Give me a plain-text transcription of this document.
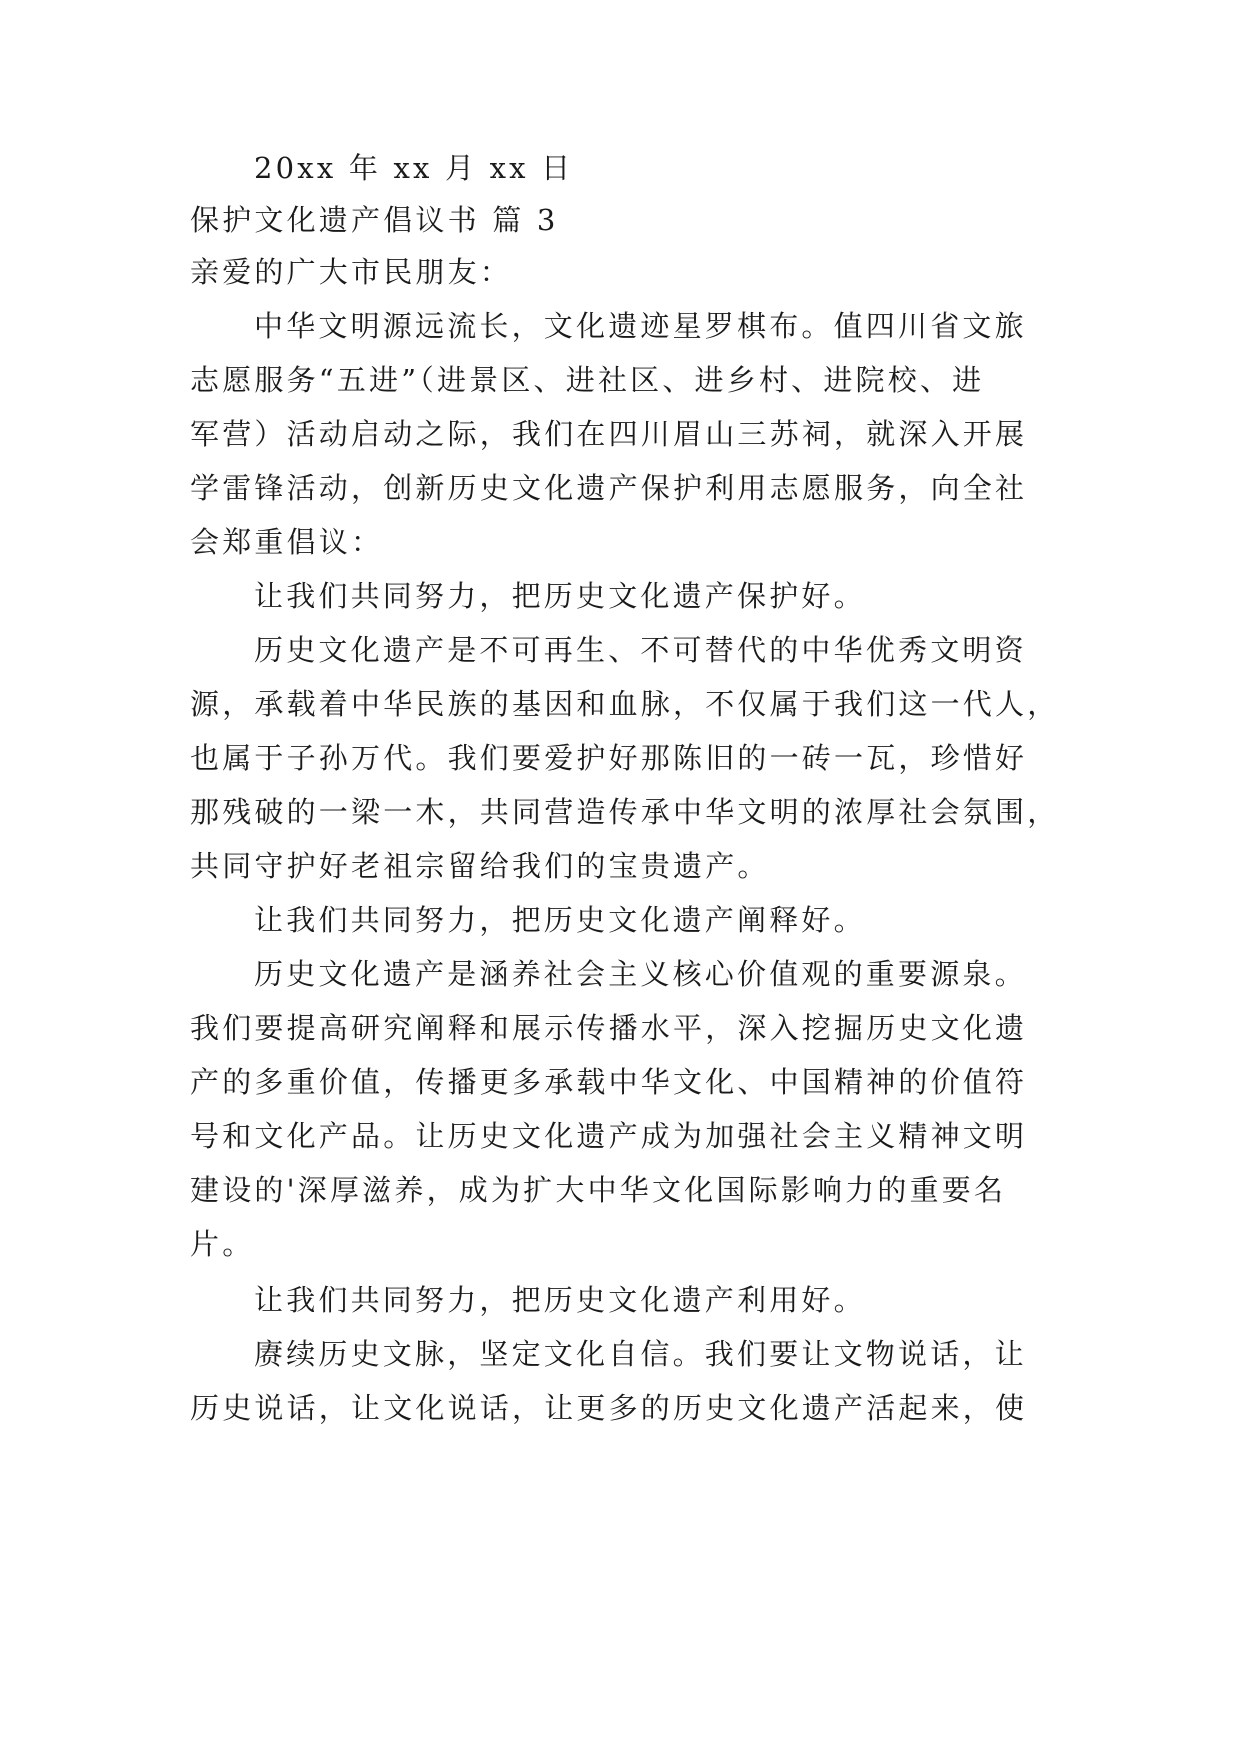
20xx 年 xx 月 xx 日
保护文化遗产倡议书 篇 3
亲爱的广大市民朋友：
中华文明源远流长，文化遗迹星罗棋布。值四川省文旅
志愿服务“五进”（进景区、进社区、进乡村、进院校、进
军营）活动启动之际，我们在四川眉山三苏祠，就深入开展
学雷锋活动，创新历史文化遗产保护利用志愿服务，向全社
会郑重倡议：
让我们共同努力，把历史文化遗产保护好。
历史文化遗产是不可再生、不可替代的中华优秀文明资
源，承载着中华民族的基因和血脉，不仅属于我们这一代人，
也属于子孙万代。我们要爱护好那陈旧的一砖一瓦，珍惜好
那残破的一梁一木，共同营造传承中华文明的浓厚社会氛围，
共同守护好老祖宗留给我们的宝贵遗产。
让我们共同努力，把历史文化遗产阐释好。
历史文化遗产是涵养社会主义核心价值观的重要源泉。
我们要提高研究阐释和展示传播水平，深入挖掘历史文化遗
产的多重价值，传播更多承载中华文化、中国精神的价值符
号和文化产品。让历史文化遗产成为加强社会主义精神文明
建设的'深厚滋养，成为扩大中华文化国际影响力的重要名
片。
让我们共同努力，把历史文化遗产利用好。
赓续历史文脉，坚定文化自信。我们要让文物说话，让
历史说话，让文化说话，让更多的历史文化遗产活起来，使
